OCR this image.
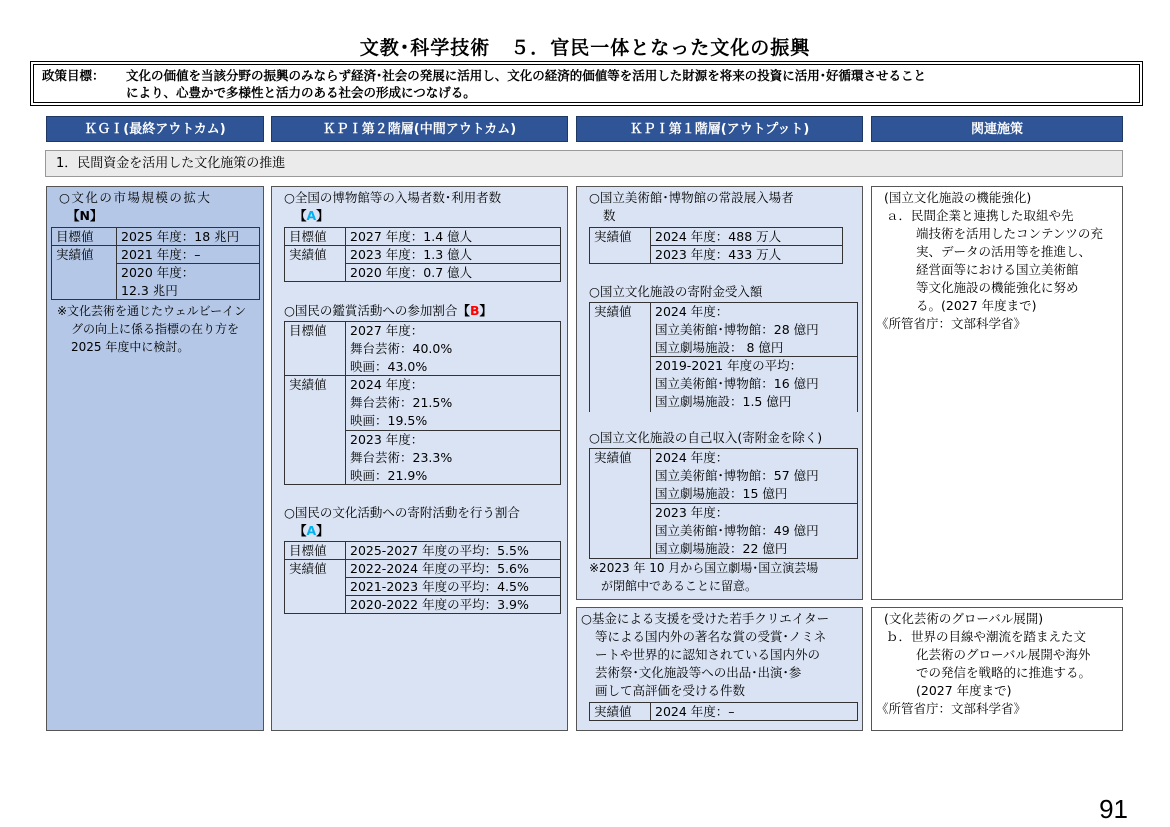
文教･科学技術　５．官民一体となった文化の振興
政策目標： 文化の価値を当該分野の振興のみならず経済･社会の発展に活用し、文化の経済的価値等を活用した財源を将来の投資に活用･好循環させること
により、心豊かで多様性と活力のある社会の形成につなげる。
ＫＧＩ(最終アウトカム)	ＫＰＩ第２階層(中間アウトカム)	ＫＰＩ第１階層(アウトプット)	関連施策
1．民間資金を活用した文化施策の推進
○文化の市場規模の拡大
【N】
目標値	2025 年度：18 兆円
実績値	2021 年度：–
2020 年度：
12.3 兆円
※文化芸術を通じたウェルビーイン
グの向上に係る指標の在り方を
2025 年度中に検討。
○全国の博物館等の入場者数･利用者数
【A】
目標値	2027 年度：1.4 億人
実績値	2023 年度：1.3 億人
2020 年度：0.7 億人
○国民の鑑賞活動への参加割合【B】
目標値	2027 年度：
舞台芸術：40.0%
映画：43.0%
実績値	2024 年度：
舞台芸術：21.5%
映画：19.5%
2023 年度：
舞台芸術：23.3%
映画：21.9%
○国民の文化活動への寄附活動を行う割合
【A】
目標値	2025-2027 年度の平均：5.5%
実績値	2022-2024 年度の平均：5.6%
2021-2023 年度の平均：4.5%
2020-2022 年度の平均：3.9%
○国立美術館･博物館の常設展入場者
数
実績値	2024 年度：488 万人
2023 年度：433 万人
○国立文化施設の寄附金受入額
実績値	2024 年度：
国立美術館･博物館：28 億円
国立劇場施設： 8 億円
2019-2021 年度の平均：
国立美術館･博物館：16 億円
国立劇場施設：1.5 億円
○国立文化施設の自己収入(寄附金を除く)
実績値	2024 年度：
国立美術館･博物館：57 億円
国立劇場施設：15 億円
2023 年度：
国立美術館･博物館：49 億円
国立劇場施設：22 億円
※2023 年 10 月から国立劇場･国立演芸場
が閉館中であることに留意。
○基金による支援を受けた若手クリエイター
等による国内外の著名な賞の受賞･ノミネ
ートや世界的に認知されている国内外の
芸術祭･文化施設等への出品･出演･参
画して高評価を受ける件数
実績値	2024 年度：–
(国立文化施設の機能強化)
ａ．民間企業と連携した取組や先
端技術を活用したコンテンツの充
実、データの活用等を推進し、
経営面等における国立美術館
等文化施設の機能強化に努め
る。(2027 年度まで)
《所管省庁：文部科学省》
(文化芸術のグローバル展開)
ｂ．世界の目線や潮流を踏まえた文
化芸術のグローバル展開や海外
での発信を戦略的に推進する。
(2027 年度まで)
《所管省庁：文部科学省》
91
